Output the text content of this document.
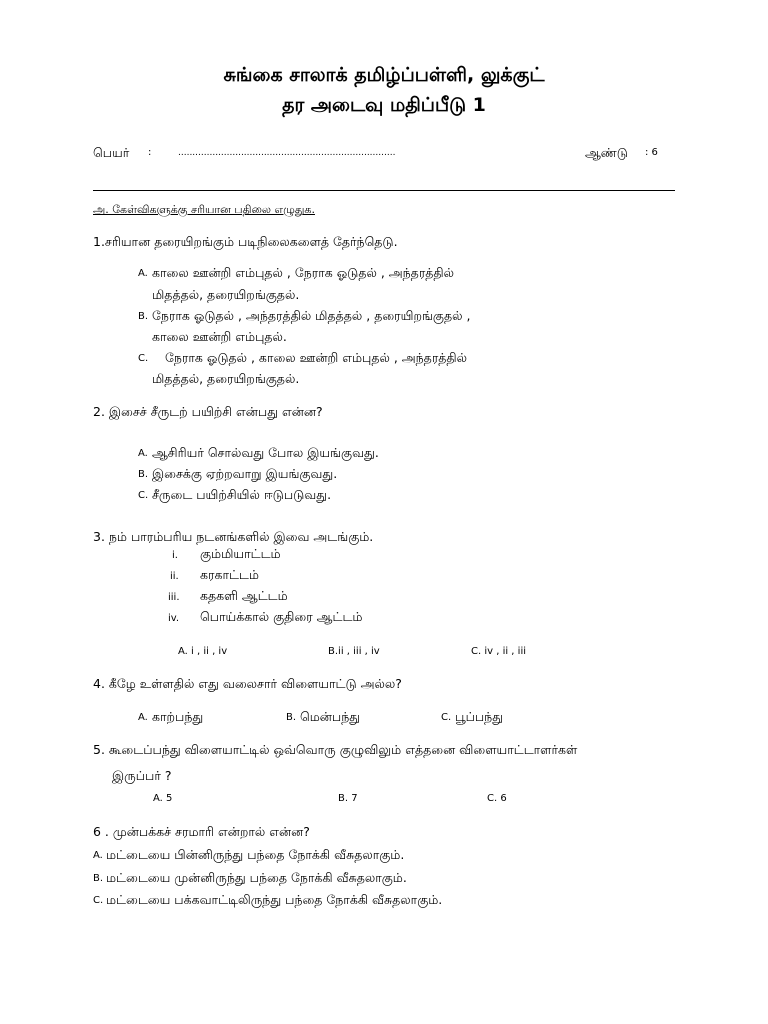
சுங்கை சாலாக் தமிழ்ப்பள்ளி, லுக்குட்
தர அடைவு மதிப்பீடு 1
பெயர் :	............................................................................	ஆண்டு : 6
அ. கேள்விகளுக்கு சரியான பதிலை எழுதுக.
1.சரியான தரையிறங்கும் படிநிலைகளைத் தேர்ந்தெடு.
A. காலை ஊன்றி எம்புதல் , நேராக ஓடுதல் , அந்தரத்தில்
மிதத்தல், தரையிறங்குதல்.
B. நேராக ஓடுதல் , அந்தரத்தில் மிதத்தல் , தரையிறங்குதல் ,
காலை ஊன்றி எம்புதல்.
C. நேராக ஓடுதல் , காலை ஊன்றி எம்புதல் , அந்தரத்தில்
மிதத்தல், தரையிறங்குதல்.
2. இசைச் சீருடற் பயிற்சி என்பது என்ன?
A. ஆசிரியர் சொல்வது போல இயங்குவது.
B. இசைக்கு ஏற்றவாறு இயங்குவது.
C. சீருடை பயிற்சியில் ஈடுபடுவது.
3. நம் பாரம்பரிய நடனங்களில் இவை அடங்கும்.
i. கும்மியாட்டம்
ii. கரகாட்டம்
iii. கதகளி ஆட்டம்
iv. பொய்க்கால் குதிரை ஆட்டம்
A. i , ii , iv	B.ii , iii , iv	C. iv , ii , iii
4. கீழே உள்ளதில் எது வலைசார் விளையாட்டு அல்ல?
A. காற்பந்து	B. மென்பந்து	C. பூப்பந்து
5. கூடைப்பந்து விளையாட்டில் ஒவ்வொரு குழுவிலும் எத்தனை விளையாட்டாளர்கள்
இருப்பர் ?
A. 5	B. 7	C. 6
6 . முன்பக்கச் சரமாரி என்றால் என்ன?
A. மட்டையை பின்னிருந்து பந்தை நோக்கி வீசுதலாகும்.
B. மட்டையை முன்னிருந்து பந்தை நோக்கி வீசுதலாகும்.
C. மட்டையை பக்கவாட்டிலிருந்து பந்தை நோக்கி வீசுதலாகும்.
